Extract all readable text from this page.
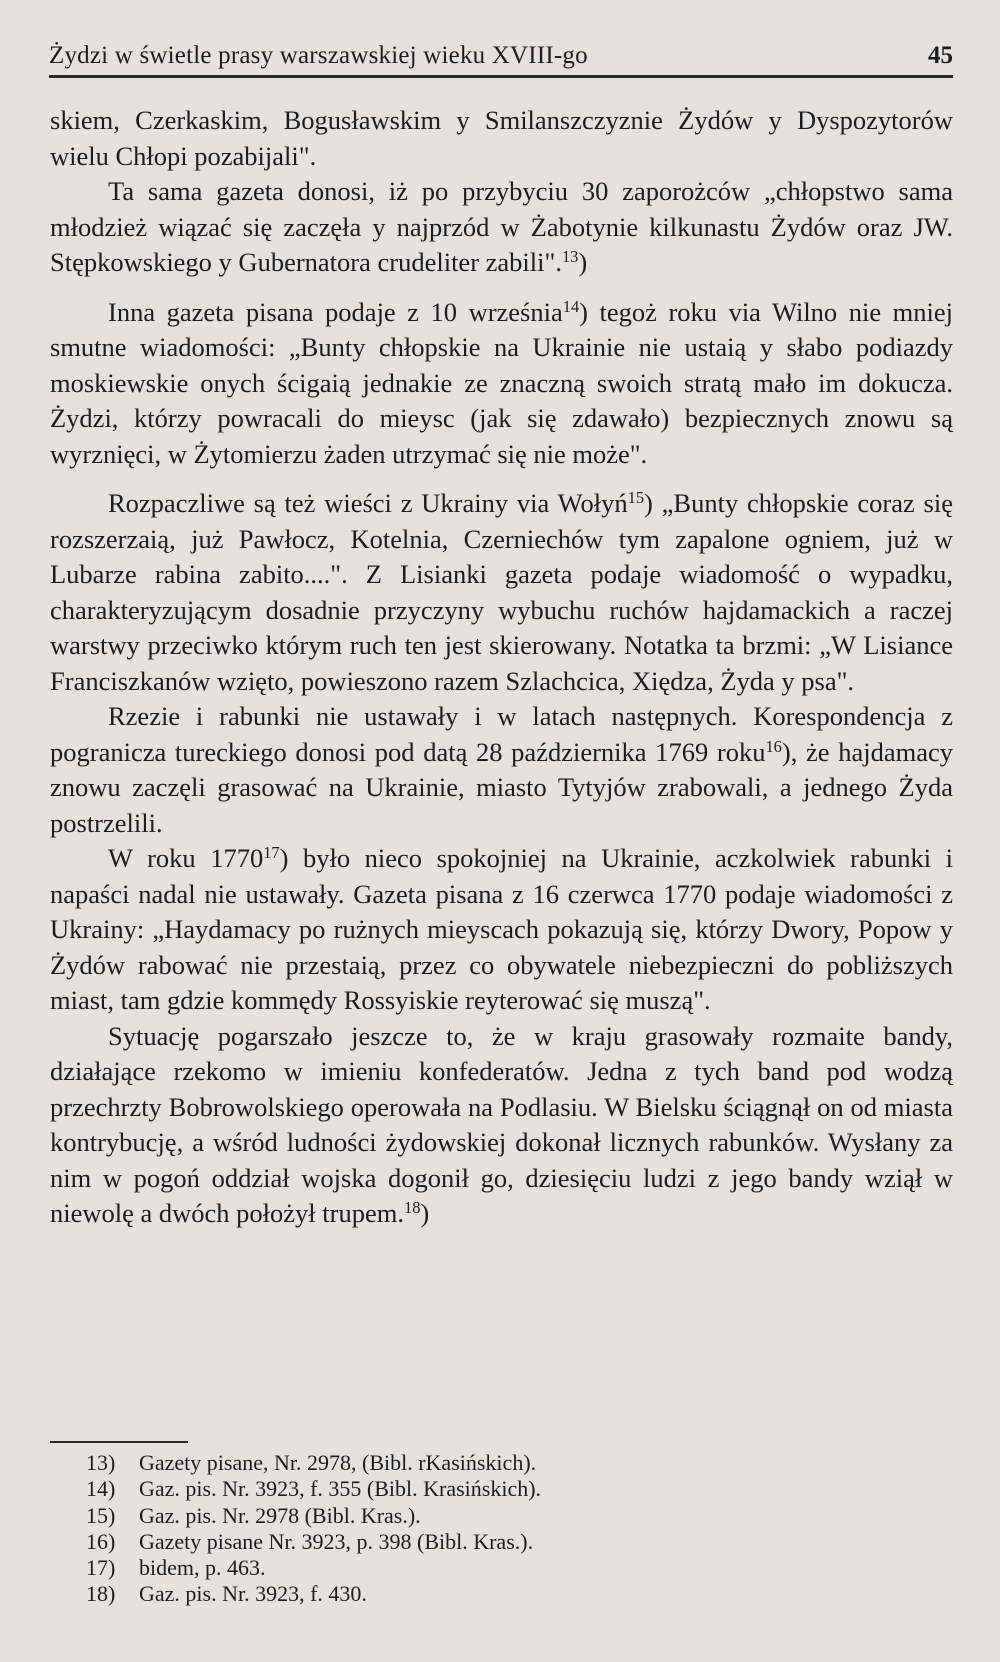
Żydzi w świetle prasy warszawskiej wieku XVIII-go	45

skiem, Czerkaskim, Bogusławskim y Smilanszczyznie Żydów y Dyspozytorów wielu Chłopi pozabijali".

Ta sama gazeta donosi, iż po przybyciu 30 zaporożców „chłopstwo sama młodzież wiązać się zaczęła y najprzód w Żabotynie kilkunastu Żydów oraz JW. Stępkowskiego y Gubernatora crudeliter zabili".$^{13}$)

Inna gazeta pisana podaje z 10 września$^{14}$) tegoż roku via Wilno nie mniej smutne wiadomości: „Bunty chłopskie na Ukrainie nie ustaią y słabo podiazdy moskiewskie onych ścigaią jednakie ze znaczną swoich stratą mało im dokucza. Żydzi, którzy powracali do mieysc (jak się zdawało) bezpiecznych znowu są wyrznięci, w Żytomierzu żaden utrzymać się nie może".

Rozpaczliwe są też wieści z Ukrainy via Wołyń$^{15}$) „Bunty chłopskie coraz się rozszerzaią, już Pawłocz, Kotelnia, Czerniechów tym zapalone ogniem, już w Lubarze rabina zabito....". Z Lisianki gazeta podaje wiadomość o wypadku, charakteryzującym dosadnie przyczyny wybuchu ruchów hajdamackich a raczej warstwy przeciwko którym ruch ten jest skierowany. Notatka ta brzmi: „W Lisiance Franciszkanów wzięto, powieszono razem Szlachcica, Xiędza, Żyda y psa".

Rzezie i rabunki nie ustawały i w latach następnych. Korespondencja z pogranicza tureckiego donosi pod datą 28 października 1769 roku$^{16}$), że hajdamacy znowu zaczęli grasować na Ukrainie, miasto Tytyjów zrabowali, a jednego Żyda postrzelili.

W roku 1770$^{17}$) było nieco spokojniej na Ukrainie, aczkolwiek rabunki i napaści nadal nie ustawały. Gazeta pisana z 16 czerwca 1770 podaje wiadomości z Ukrainy: „Haydamacy po rużnych mieyscach pokazują się, którzy Dwory, Popow y Żydów rabować nie przestaią, przez co obywatele niebezpieczni do pobliższych miast, tam gdzie kommędy Rossyiskie reyterować się muszą".

Sytuację pogarszało jeszcze to, że w kraju grasowały rozmaite bandy, działające rzekomo w imieniu konfederatów. Jedna z tych band pod wodzą przechrzty Bobrowolskiego operowała na Podlasiu. W Bielsku ściągnął on od miasta kontrybucję, a wśród ludności żydowskiej dokonał licznych rabunków. Wysłany za nim w pogoń oddział wojska dogonił go, dziesięciu ludzi z jego bandy wziął w niewolę a dwóch położył trupem.$^{18}$)

13) Gazety pisane, Nr. 2978, (Bibl. rKasińskich).
14) Gaz. pis. Nr. 3923, f. 355 (Bibl. Krasińskich).
15) Gaz. pis. Nr. 2978 (Bibl. Kras.).
16) Gazety pisane Nr. 3923, p. 398 (Bibl. Kras.).
17) bidem, p. 463.
18) Gaz. pis. Nr. 3923, f. 430.
